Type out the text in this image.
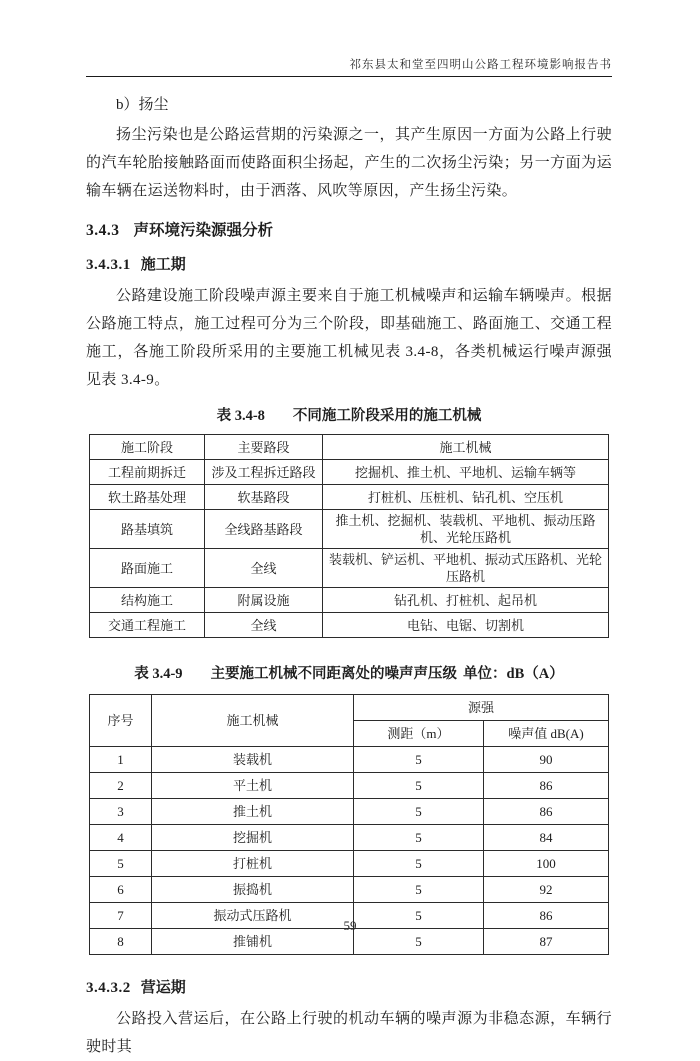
祁东县太和堂至四明山公路工程环境影响报告书
b）扬尘

扬尘污染也是公路运营期的污染源之一，其产生原因一方面为公路上行驶的汽车轮胎接触路面而使路面积尘扬起，产生的二次扬尘污染；另一方面为运输车辆在运送物料时，由于洒落、风吹等原因，产生扬尘污染。

3.4.3 声环境污染源强分析
3.4.3.1 施工期

公路建设施工阶段噪声源主要来自于施工机械噪声和运输车辆噪声。根据公路施工特点，施工过程可分为三个阶段，即基础施工、路面施工、交通工程施工，各施工阶段所采用的主要施工机械见表 3.4-8，各类机械运行噪声源强见表 3.4-9。

表 3.4-8 不同施工阶段采用的施工机械
施工阶段	主要路段	施工机械
工程前期拆迁	涉及工程拆迁路段	挖掘机、推土机、平地机、运输车辆等
软土路基处理	软基路段	打桩机、压桩机、钻孔机、空压机
路基填筑	全线路基路段	推土机、挖掘机、装载机、平地机、振动压路机、光轮压路机
路面施工	全线	装载机、铲运机、平地机、振动式压路机、光轮压路机
结构施工	附属设施	钻孔机、打桩机、起吊机
交通工程施工	全线	电钻、电锯、切割机
表 3.4-9 主要施工机械不同距离处的噪声声压级 单位：dB（A）
序号	施工机械	源强	
		测距（m）	噪声值 dB(A)
1	装载机	5	90
2	平土机	5	86
3	推土机	5	86
4	挖掘机	5	84
5	打桩机	5	100
6	振捣机	5	92
7	振动式压路机	5	86
8	推铺机	5	87
3.4.3.2 营运期

公路投入营运后，在公路上行驶的机动车辆的噪声源为非稳态源，车辆行驶时其

59
